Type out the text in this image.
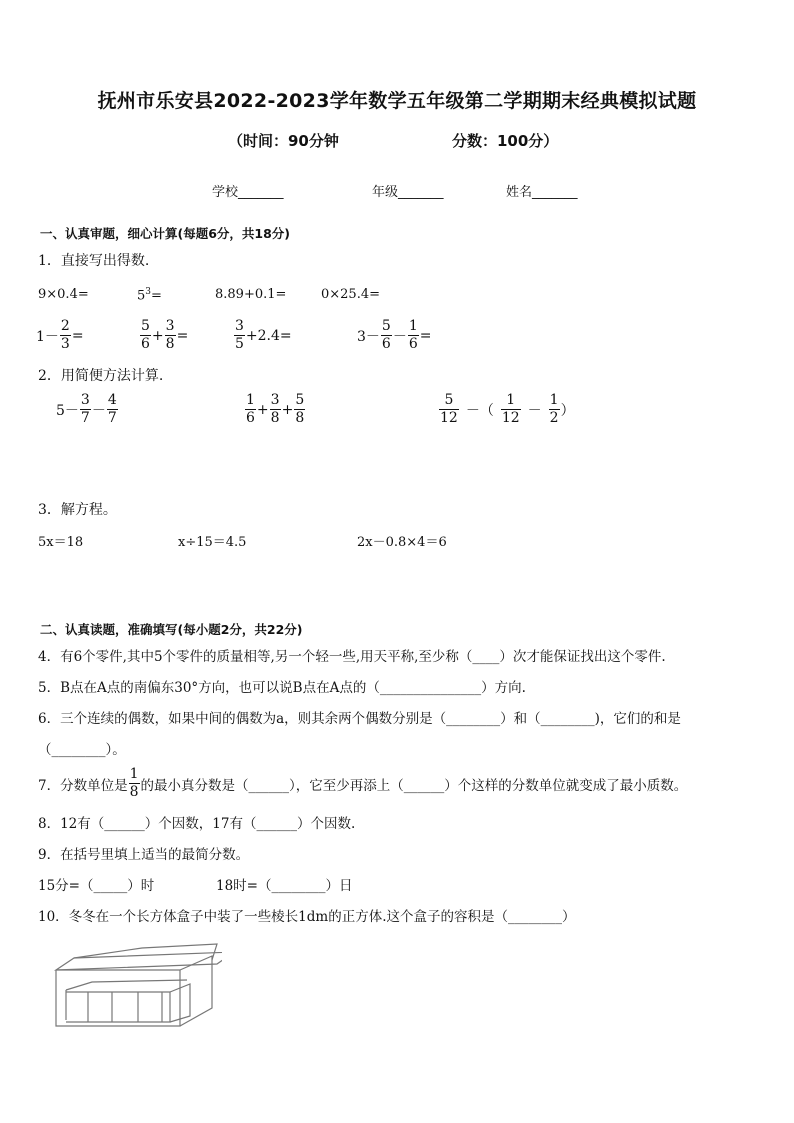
抚州市乐安县2022-2023学年数学五年级第二学期期末经典模拟试题
（时间：90分钟	分数：100分）
学校_______	年级_______	姓名_______
一、认真审题，细心计算(每题6分，共18分)
1．直接写出得数.
9×0.4=	$5^3=$	8.89+0.1=	0×25.4=
$1- \frac{2}{3}$ =	$\frac{5}{6} + \frac{3}{8}$ =	$\frac{3}{5} +2.4=$	$3- \frac{5}{6} - \frac{1}{6}$ =
2．用简便方法计算.
$5- \frac{3}{7} - \frac{4}{7}$	$\frac{1}{6} + \frac{3}{8} + \frac{5}{8}$	$\frac{5}{12}$ －（ $\frac{1}{12} - \frac{1}{2}$ ）
3．解方程。
5x＝18	x÷15＝4.5	2x－0.8×4＝6
二、认真读题，准确填写(每小题2分，共22分)
4．有6个零件,其中5个零件的质量相等,另一个轻一些,用天平称,至少称（____）次才能保证找出这个零件.
5．B点在A点的南偏东30°方向，也可以说B点在A点的（_______________）方向.
6．三个连续的偶数，如果中间的偶数为a，则其余两个偶数分别是（________）和（________)，它们的和是
（________）。
7．分数单位是 $\frac{1}{8}$ 的最小真分数是（______），它至少再添上（______）个这样的分数单位就变成了最小质数。
8．12有（______）个因数，17有（______）个因数.
9．在括号里填上适当的最简分数。
15分=（_____）时	18时=（________）日
10．冬冬在一个长方体盒子中装了一些棱长1dm的正方体.这个盒子的容积是（________）
